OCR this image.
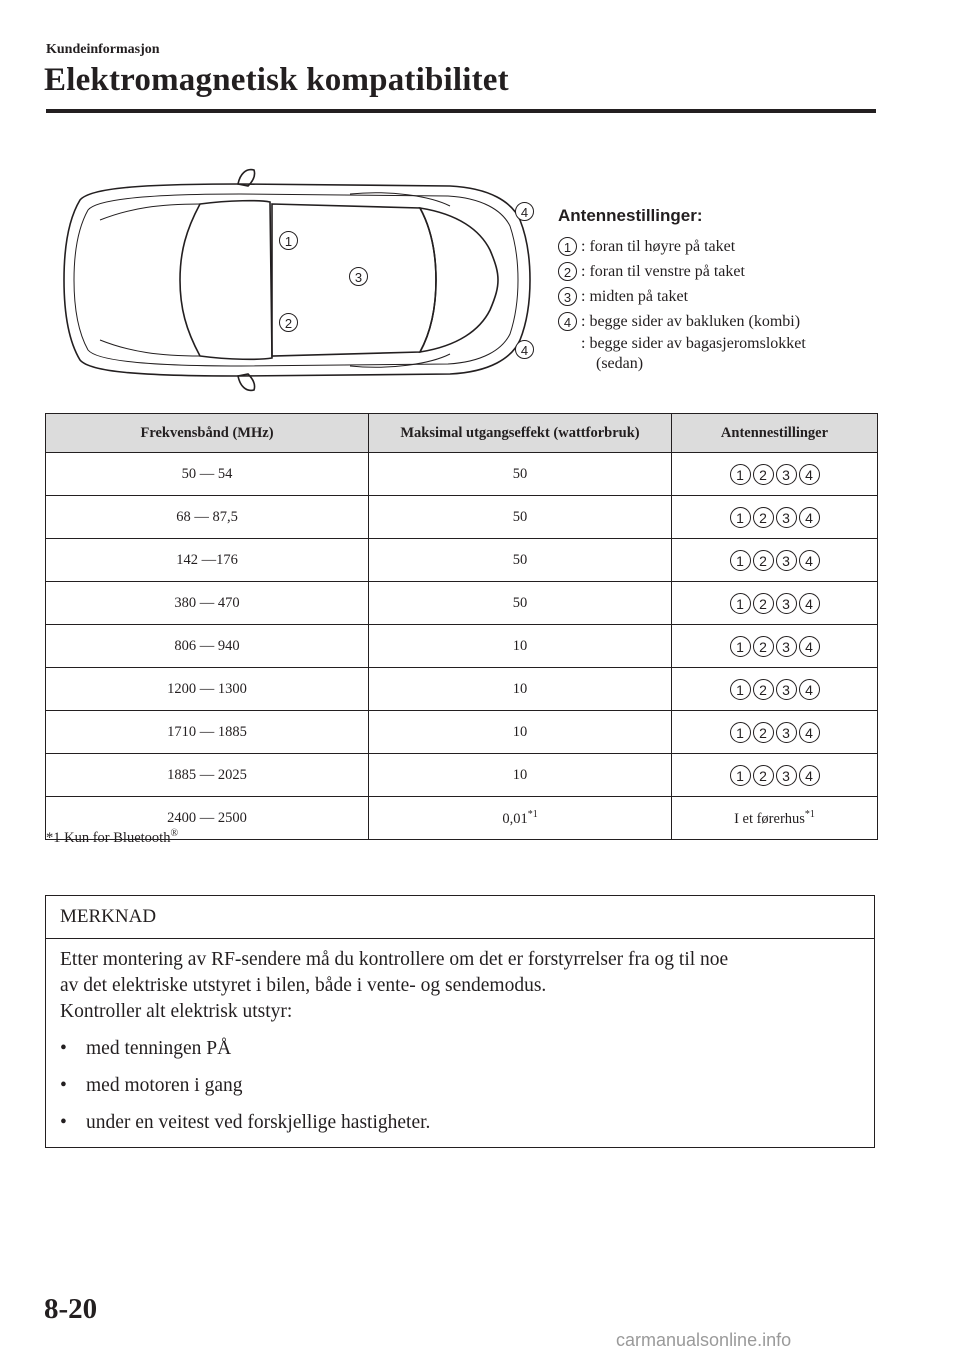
Kundeinformasjon
Elektromagnetisk kompatibilitet
1
2
3
4
4
Antennestillinger:
1 : foran til høyre på taket
2 : foran til venstre på taket
3 : midten på taket
4 : begge sider av bakluken (kombi)
: begge sider av bagasjeromslokket
(sedan)
Frekvensbånd (MHz)	Maksimal utgangseffekt (wattforbruk)	Antennestillinger
50 — 54	50	1 2 3 4

68 — 87,5	50	1 2 3 4

142 —176	50	1 2 3 4

380 — 470	50	1 2 3 4

806 — 940	10	1 2 3 4

1200 — 1300	10	1 2 3 4

1710 — 1885	10	1 2 3 4

1885 — 2025	10	1 2 3 4

2400 — 2500	0,01$^{*1}$	I et førerhus$^{*1}$
*1 Kun for Bluetooth®
MERKNAD
Etter montering av RF-sendere må du kontrollere om det er forstyrrelser fra og til noe
av det elektriske utstyret i bilen, både i vente- og sendemodus.
Kontroller alt elektrisk utstyr:
• med tenningen PÅ
• med motoren i gang
• under en veitest ved forskjellige hastigheter.
8-20
carmanualsonline.info
